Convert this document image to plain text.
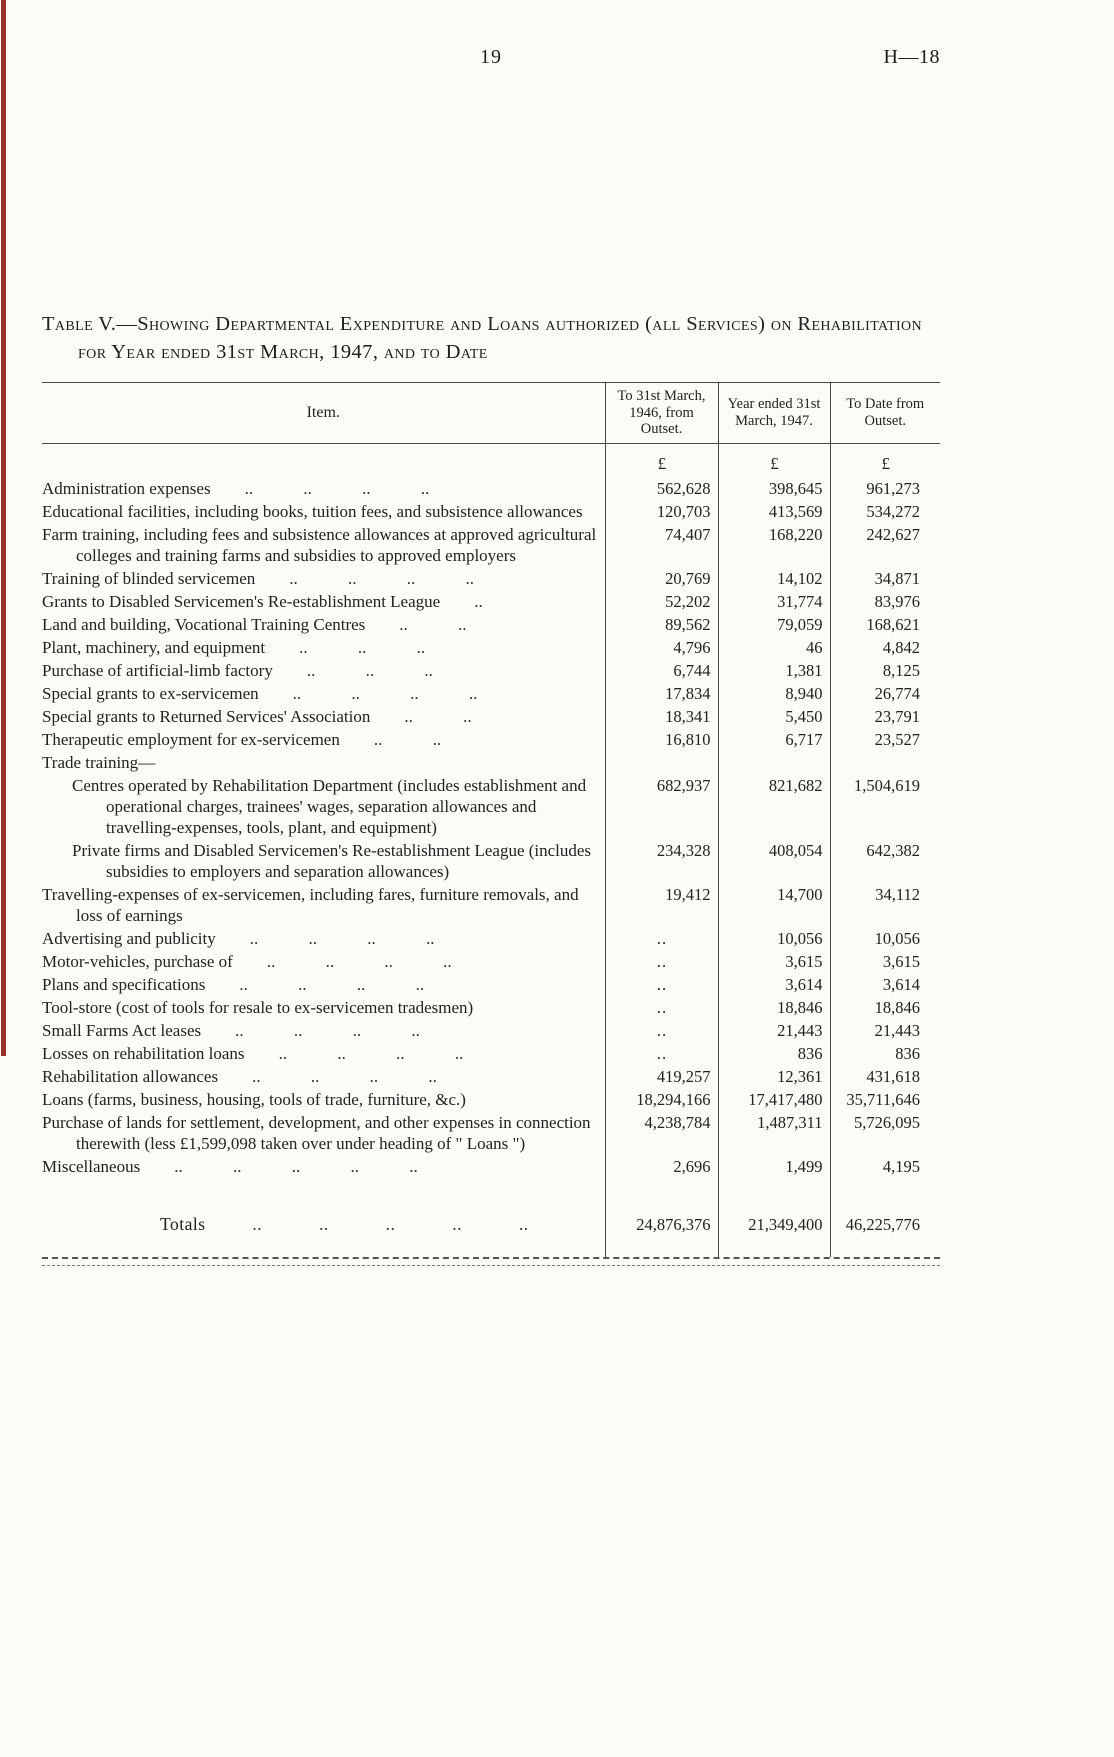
19	H—18

Table V.—Showing Departmental Expenditure and Loans authorized (all Services) on Rehabilitation for Year ended 31st March, 1947, and to Date

Item.	To 31st March, 1946, from Outset.	Year ended 31st March, 1947.	To Date from Outset.
	£	£	£
Administration expenses .. .. .. ..	562,628	398,645	961,273
Educational facilities, including books, tuition fees, and subsistence allowances	120,703	413,569	534,272
Farm training, including fees and subsistence allowances at approved agricultural colleges and training farms and subsidies to approved employers	74,407	168,220	242,627
Training of blinded servicemen .. .. .. ..	20,769	14,102	34,871
Grants to Disabled Servicemen's Re-establishment League ..	52,202	31,774	83,976
Land and building, Vocational Training Centres .. ..	89,562	79,059	168,621
Plant, machinery, and equipment .. .. ..	4,796	46	4,842
Purchase of artificial-limb factory .. .. ..	6,744	1,381	8,125
Special grants to ex-servicemen .. .. .. ..	17,834	8,940	26,774
Special grants to Returned Services' Association .. ..	18,341	5,450	23,791
Therapeutic employment for ex-servicemen .. ..	16,810	6,717	23,527
Trade training—			
Centres operated by Rehabilitation Department (includes establishment and operational charges, trainees' wages, separation allowances and travelling-expenses, tools, plant, and equipment)	682,937	821,682	1,504,619
Private firms and Disabled Servicemen's Re-establishment League (includes subsidies to employers and separation allowances)	234,328	408,054	642,382
Travelling-expenses of ex-servicemen, including fares, furniture removals, and loss of earnings	19,412	14,700	34,112
Advertising and publicity .. .. .. ..	..	10,056	10,056
Motor-vehicles, purchase of .. .. .. ..	..	3,615	3,615
Plans and specifications .. .. .. ..	..	3,614	3,614
Tool-store (cost of tools for resale to ex-servicemen tradesmen)	..	18,846	18,846
Small Farms Act leases .. .. .. ..	..	21,443	21,443
Losses on rehabilitation loans .. .. .. ..	..	836	836
Rehabilitation allowances .. .. .. ..	419,257	12,361	431,618
Loans (farms, business, housing, tools of trade, furniture, &c.)	18,294,166	17,417,480	35,711,646
Purchase of lands for settlement, development, and other expenses in connection therewith (less £1,599,098 taken over under heading of " Loans ")	4,238,784	1,487,311	5,726,095
Miscellaneous .. .. .. .. ..	2,696	1,499	4,195
Totals .. .. .. .. ..	24,876,376	21,349,400	46,225,776
